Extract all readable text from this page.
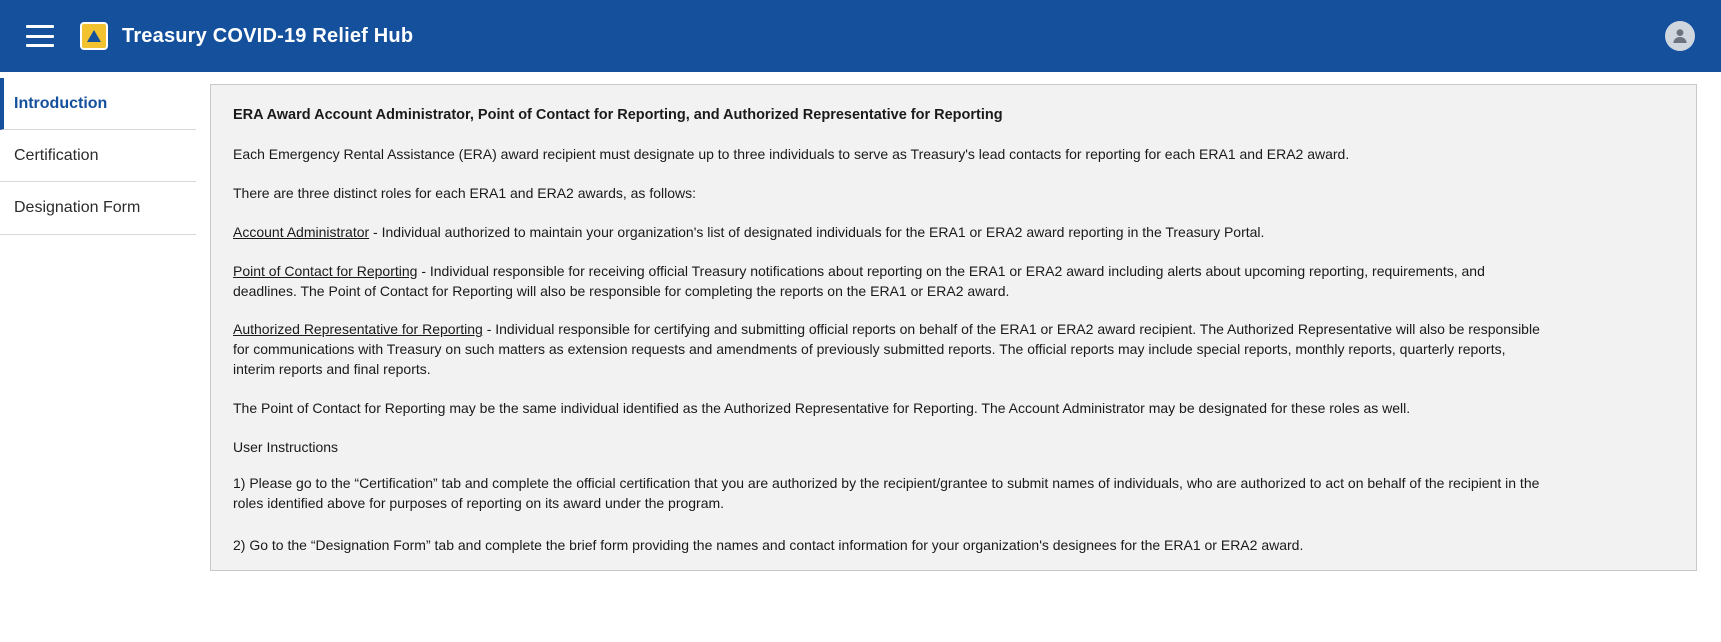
Treasury COVID-19 Relief Hub
Introduction
Certification
Designation Form
ERA Award Account Administrator, Point of Contact for Reporting, and Authorized Representative for Reporting

Each Emergency Rental Assistance (ERA) award recipient must designate up to three individuals to serve as Treasury's lead contacts for reporting for each ERA1 and ERA2 award.

There are three distinct roles for each ERA1 and ERA2 awards, as follows:

Account Administrator - Individual authorized to maintain your organization's list of designated individuals for the ERA1 or ERA2 award reporting in the Treasury Portal.

Point of Contact for Reporting - Individual responsible for receiving official Treasury notifications about reporting on the ERA1 or ERA2 award including alerts about upcoming reporting, requirements, and deadlines. The Point of Contact for Reporting will also be responsible for completing the reports on the ERA1 or ERA2 award.

Authorized Representative for Reporting - Individual responsible for certifying and submitting official reports on behalf of the ERA1 or ERA2 award recipient. The Authorized Representative will also be responsible for communications with Treasury on such matters as extension requests and amendments of previously submitted reports. The official reports may include special reports, monthly reports, quarterly reports, interim reports and final reports.

The Point of Contact for Reporting may be the same individual identified as the Authorized Representative for Reporting. The Account Administrator may be designated for these roles as well.

User Instructions

1) Please go to the “Certification” tab and complete the official certification that you are authorized by the recipient/grantee to submit names of individuals, who are authorized to act on behalf of the recipient in the roles identified above for purposes of reporting on its award under the program.

2) Go to the “Designation Form” tab and complete the brief form providing the names and contact information for your organization's designees for the ERA1 or ERA2 award.
